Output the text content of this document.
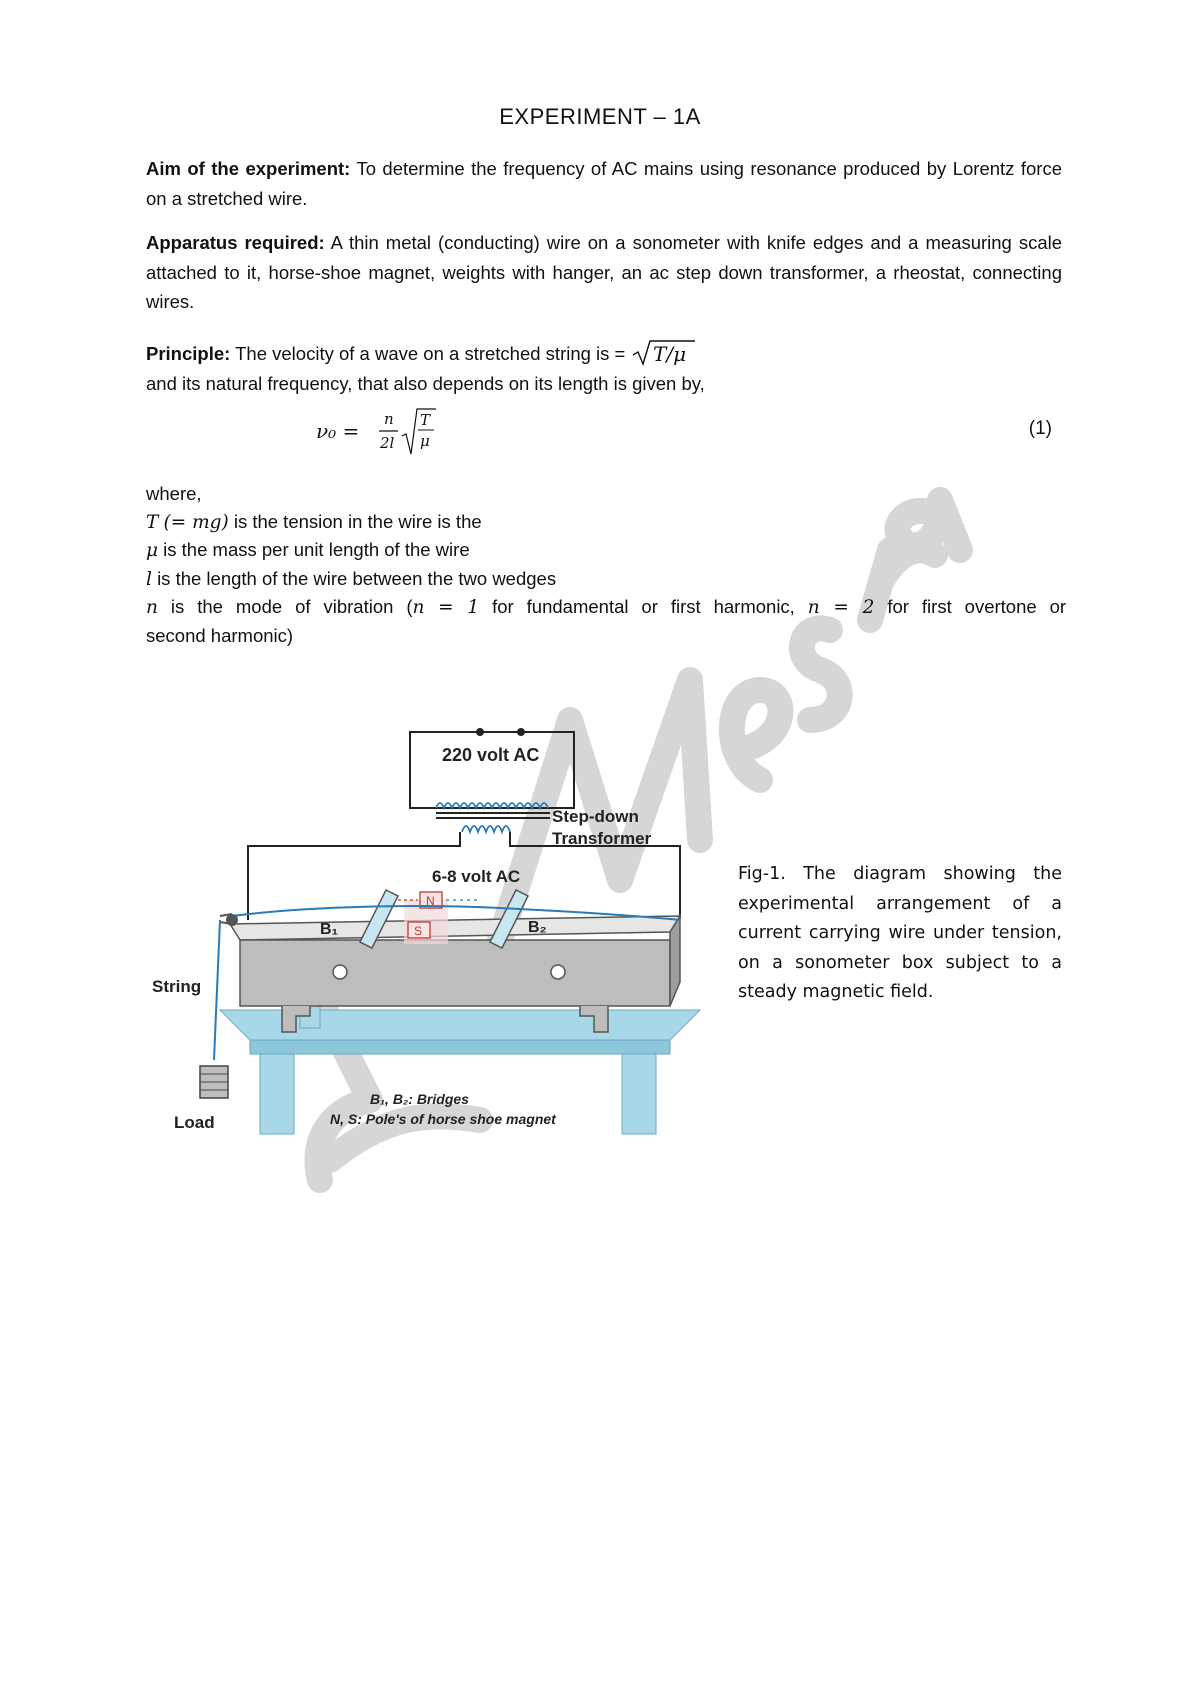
EXPERIMENT – 1A
Aim of the experiment: To determine the frequency of AC mains using resonance produced by Lorentz force on a stretched wire.
Apparatus required: A thin metal (conducting) wire on a sonometer with knife edges and a measuring scale attached to it, horse-shoe magnet, weights with hanger, an ac step down transformer, a rheostat, connecting wires.
Principle: The velocity of a wave on a stretched string is = T/μ

and its natural frequency, that also depends on its length is given by,
ν₀ = n
2l
T
μ
(1)
where,
T (= mg) is the tension in the wire is the
μ is the mass per unit length of the wire
l is the length of the wire between the two wedges
n is the mode of vibration (n = 1 for fundamental or first harmonic, n = 2 for first overtone or
second harmonic)
220 volt AC
Step-down
Transformer
6-8 volt AC
B₁	B₂
N
S
String
Load
B₁, B₂: Bridges
N, S: Pole's of horse shoe magnet
Fig-1. The diagram showing the experimental arrangement of a current carrying wire under tension, on a sonometer box subject to a steady magnetic field.
